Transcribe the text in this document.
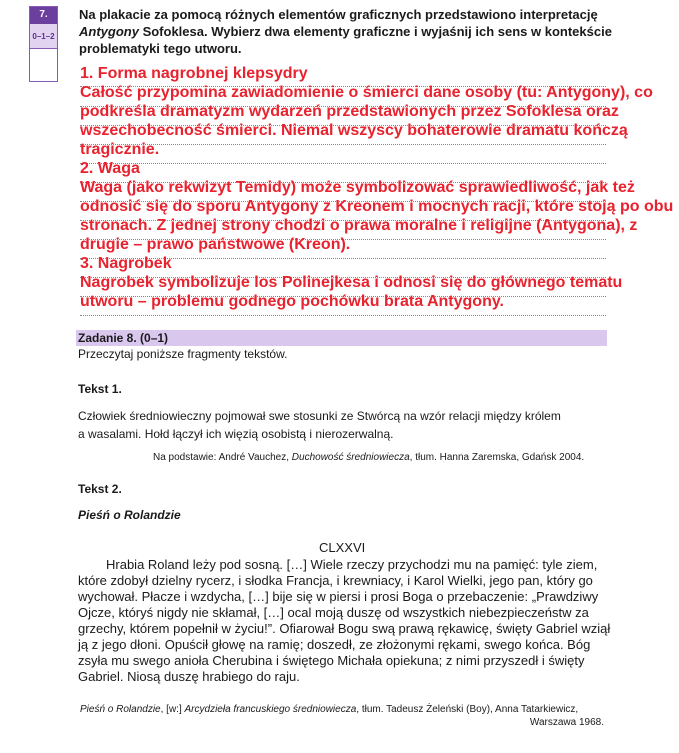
7.
0–1–2
Na plakacie za pomocą różnych elementów graficznych przedstawiono interpretację
Antygony Sofoklesa. Wybierz dwa elementy graficzne i wyjaśnij ich sens w kontekście
problematyki tego utworu.
1. Forma nagrobnej klepsydry
Całość przypomina zawiadomienie o śmierci dane osoby (tu: Antygony), co
podkreśla dramatyzm wydarzeń przedstawionych przez Sofoklesa oraz
wszechobecność śmierci. Niemal wszyscy bohaterowie dramatu kończą
tragicznie.
2. Waga
Waga (jako rekwizyt Temidy) może symbolizować sprawiedliwość, jak też
odnosić się do sporu Antygony z Kreonem i mocnych racji, które stoją po obu
stronach. Z jednej strony chodzi o prawa moralne i religijne (Antygona), z
drugie – prawo państwowe (Kreon).
3. Nagrobek
Nagrobek symbolizuje los Polinejkesa i odnosi się do głównego tematu
utworu – problemu godnego pochówku brata Antygony.
Zadanie 8. (0–1)
Przeczytaj poniższe fragmenty tekstów.
Tekst 1.
Człowiek średniowieczny pojmował swe stosunki ze Stwórcą na wzór relacji między królem
a wasalami. Hołd łączył ich więzią osobistą i nierozerwalną.
Na podstawie: André Vauchez, Duchowość średniowiecza, tłum. Hanna Zaremska, Gdańsk 2004.
Tekst 2.
Pieśń o Rolandzie
CLXXVI
Hrabia Roland leży pod sosną. […] Wiele rzeczy przychodzi mu na pamięć: tyle ziem,
które zdobył dzielny rycerz, i słodka Francja, i krewniacy, i Karol Wielki, jego pan, który go
wychował. Płacze i wzdycha, […] bije się w piersi i prosi Boga o przebaczenie: „Prawdziwy
Ojcze, któryś nigdy nie skłamał, […] ocal moją duszę od wszystkich niebezpieczeństw za
grzechy, którem popełnił w życiu!”. Ofiarował Bogu swą prawą rękawicę, święty Gabriel wziął
ją z jego dłoni. Opuścił głowę na ramię; doszedł, ze złożonymi rękami, swego końca. Bóg
zsyła mu swego anioła Cherubina i świętego Michała opiekuna; z nimi przyszedł i święty
Gabriel. Niosą duszę hrabiego do raju.
Pieśń o Rolandzie, [w:] Arcydzieła francuskiego średniowiecza, tłum. Tadeusz Żeleński (Boy), Anna Tatarkiewicz,
Warszawa 1968.
